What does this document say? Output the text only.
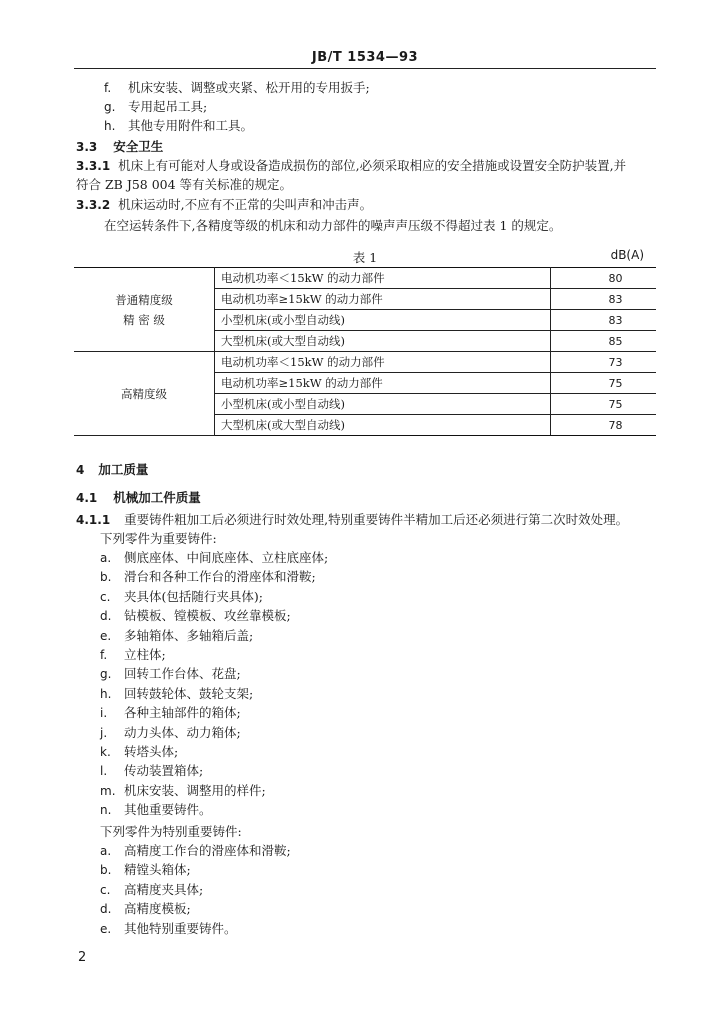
JB/T 1534—93
f. 机床安装、调整或夹紧、松开用的专用扳手;
g. 专用起吊工具;
h. 其他专用附件和工具。
3.3 安全卫生
3.3.1 机床上有可能对人身或设备造成损伤的部位,必须采取相应的安全措施或设置安全防护装置,并
符合 ZB J58 004 等有关标准的规定。
3.3.2 机床运动时,不应有不正常的尖叫声和冲击声。
在空运转条件下,各精度等级的机床和动力部件的噪声声压级不得超过表 1 的规定。
表 1	dB(A)
普通精度级
精 密 级	电动机功率＜15kW 的动力部件	80
	电动机功率≥15kW 的动力部件	83
	小型机床(或小型自动线)	83
	大型机床(或大型自动线)	85

高精度级	电动机功率＜15kW 的动力部件	73
	电动机功率≥15kW 的动力部件	75
	小型机床(或小型自动线)	75
	大型机床(或大型自动线)	78
4 加工质量
4.1 机械加工件质量
4.1.1 重要铸件粗加工后必须进行时效处理,特别重要铸件半精加工后还必须进行第二次时效处理。
下列零件为重要铸件:
a. 侧底座体、中间底座体、立柱底座体;
b. 滑台和各种工作台的滑座体和滑鞍;
c. 夹具体(包括随行夹具体);
d. 钻模板、镗模板、攻丝靠模板;
e. 多轴箱体、多轴箱后盖;
f. 立柱体;
g. 回转工作台体、花盘;
h. 回转鼓轮体、鼓轮支架;
i. 各种主轴部件的箱体;
j. 动力头体、动力箱体;
k. 转塔头体;
l. 传动装置箱体;
m. 机床安装、调整用的样件;
n. 其他重要铸件。
下列零件为特别重要铸件:
a. 高精度工作台的滑座体和滑鞍;
b. 精镗头箱体;
c. 高精度夹具体;
d. 高精度模板;
e. 其他特别重要铸件。
2
